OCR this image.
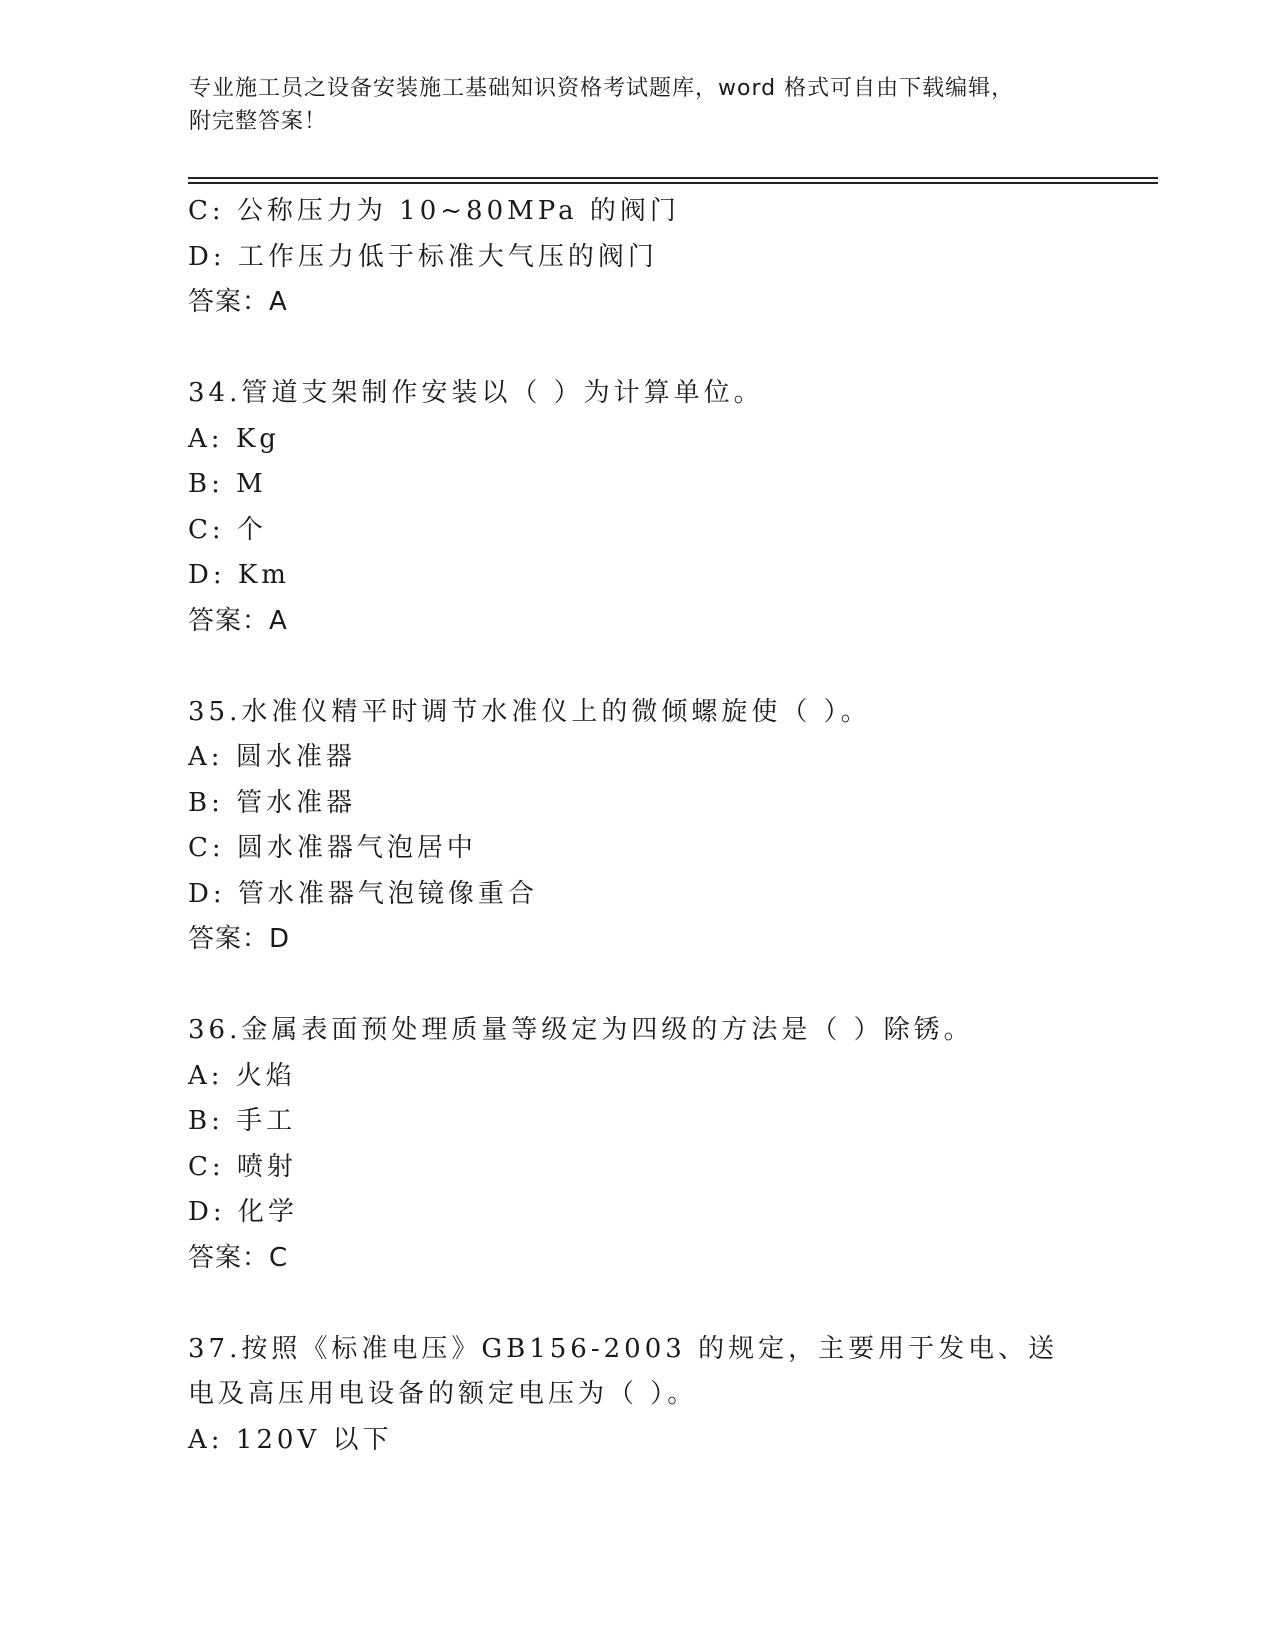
专业施工员之设备安装施工基础知识资格考试题库，word 格式可自由下载编辑，
附完整答案！
C: 公称压力为 10~80MPa 的阀门
D: 工作压力低于标准大气压的阀门
答案：A
34.管道支架制作安装以（ ）为计算单位。
A: Kg
B: M
C: 个
D: Km
答案：A
35.水准仪精平时调节水准仪上的微倾螺旋使（ ）。
A: 圆水准器
B: 管水准器
C: 圆水准器气泡居中
D: 管水准器气泡镜像重合
答案：D
36.金属表面预处理质量等级定为四级的方法是（ ）除锈。
A: 火焰
B: 手工
C: 喷射
D: 化学
答案：C
37.按照《标准电压》GB156-2003 的规定，主要用于发电、送电及高压用电设备的额定电压为（ ）。
A: 120V 以下
